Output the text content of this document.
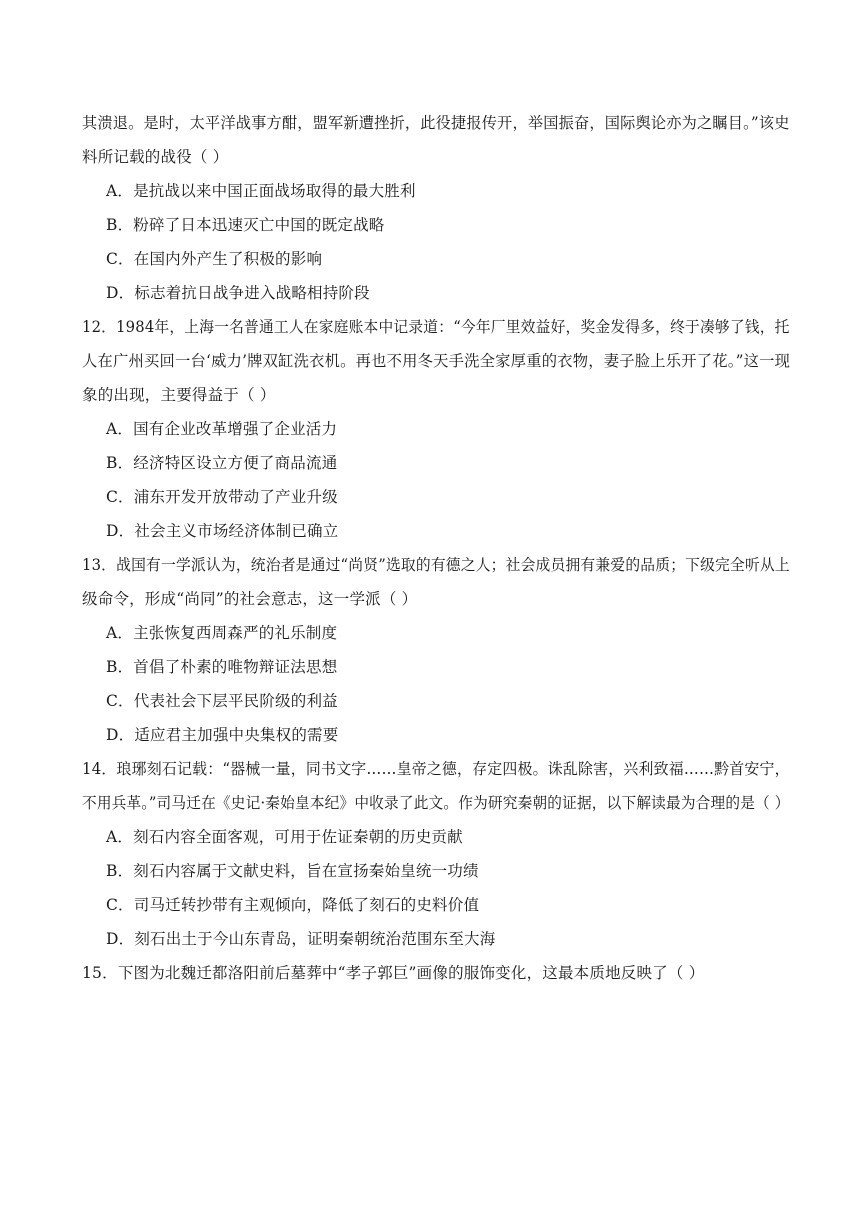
其溃退。是时，太平洋战事方酣，盟军新遭挫折，此役捷报传开，举国振奋，国际舆论亦为之瞩目。”该史
料所记载的战役（ ）
A．是抗战以来中国正面战场取得的最大胜利
B．粉碎了日本迅速灭亡中国的既定战略
C．在国内外产生了积极的影响
D．标志着抗日战争进入战略相持阶段
12．1984年，上海一名普通工人在家庭账本中记录道：“今年厂里效益好，奖金发得多，终于凑够了钱，托
人在广州买回一台‘威力’牌双缸洗衣机。再也不用冬天手洗全家厚重的衣物，妻子脸上乐开了花。”这一现
象的出现，主要得益于（ ）
A．国有企业改革增强了企业活力
B．经济特区设立方便了商品流通
C．浦东开发开放带动了产业升级
D．社会主义市场经济体制已确立
13．战国有一学派认为，统治者是通过“尚贤”选取的有德之人；社会成员拥有兼爱的品质；下级完全听从上
级命令，形成“尚同”的社会意志，这一学派（ ）
A．主张恢复西周森严的礼乐制度
B．首倡了朴素的唯物辩证法思想
C．代表社会下层平民阶级的利益
D．适应君主加强中央集权的需要
14．琅琊刻石记载：“器械一量，同书文字……皇帝之德，存定四极。诛乱除害，兴利致福……黔首安宁，
不用兵革。”司马迁在《史记·秦始皇本纪》中收录了此文。作为研究秦朝的证据，以下解读最为合理的是（ ）
A．刻石内容全面客观，可用于佐证秦朝的历史贡献
B．刻石内容属于文献史料，旨在宣扬秦始皇统一功绩
C．司马迁转抄带有主观倾向，降低了刻石的史料价值
D．刻石出土于今山东青岛，证明秦朝统治范围东至大海
15．下图为北魏迁都洛阳前后墓葬中“孝子郭巨”画像的服饰变化，这最本质地反映了（ ）
